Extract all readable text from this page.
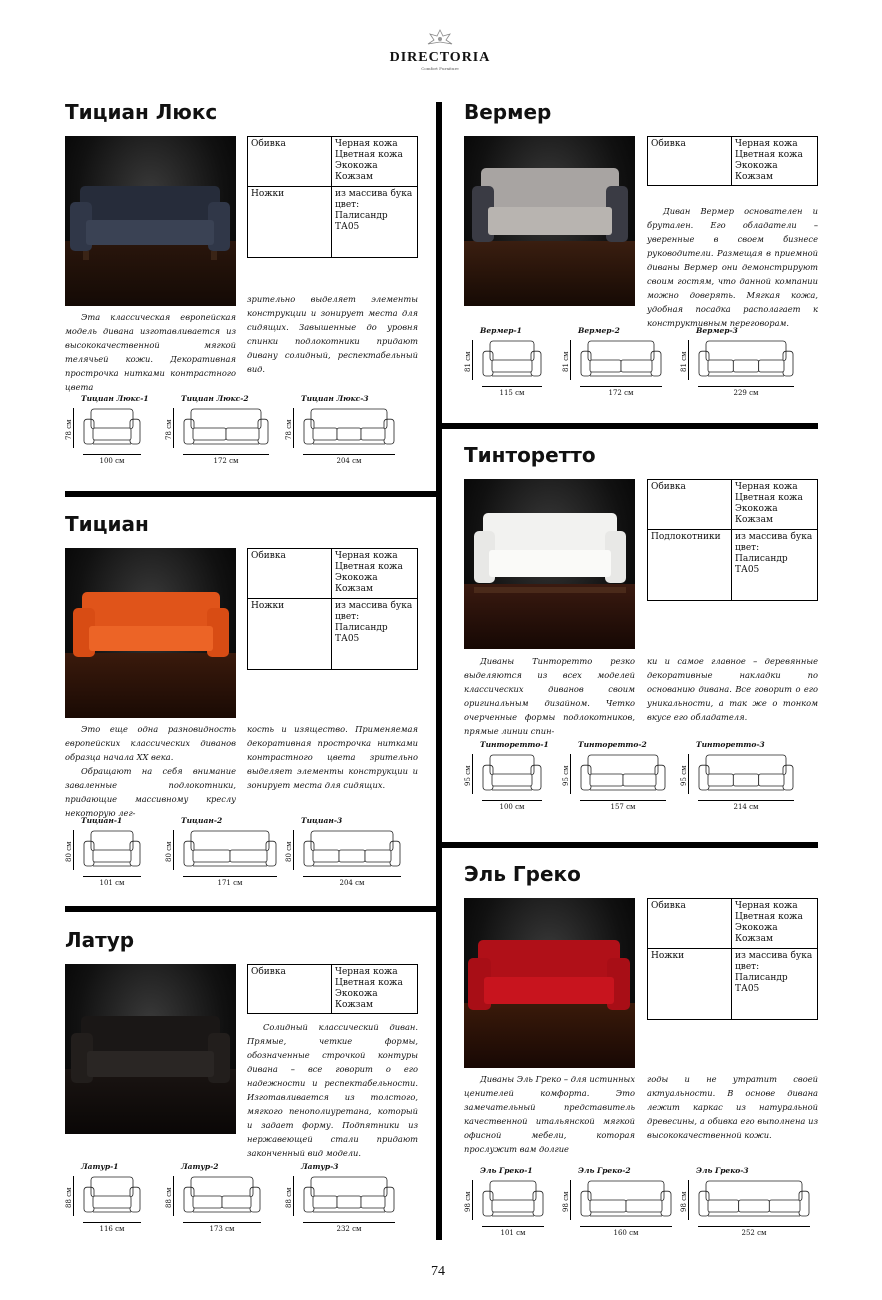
DIRECTORIA
Comfort Furniture
Тициан Люкс
Обивка	Черная кожа
Цветная кожа
Экокожа
Кожзам

Ножки	из массива бука
цвет:
Палисандр ТА05
Эта классическая европейская модель дивана изготавливается из высококачественной мягкой телячьей кожи. Декоративная прострочка нитками контрастного цвета
зрительно выделяет элементы конструкции и зонирует места для сидящих. Завышенные до уровня спинки подлокотники придают дивану солидный, респектабельный вид.
Тициан Люкс-1
78 см
100 см
Тициан Люкс-2
78 см
172 см
Тициан Люкс-3
78 см
204 см
Тициан
Обивка	Черная кожа
Цветная кожа
Экокожа
Кожзам

Ножки	из массива бука
цвет:
Палисандр ТА05
Это еще одна разновидность европейских классических диванов образца начала XX века.
Обращают на себя внимание заваленные подлокотники, придающие массивному креслу некоторую лег-
кость и изящество. Применяемая декоративная прострочка нитками контрастного цвета зрительно выделяет элементы конструкции и зонирует места для сидящих.
Тициан-1
80 см
101 см
Тициан-2
80 см
171 см
Тициан-3
80 см
204 см
Латур
Обивка	Черная кожа
Цветная кожа
Экокожа
Кожзам
Солидный классический диван. Прямые, четкие формы, обозначенные строчкой контуры дивана – все говорит о его надежности и респектабельности. Изготавливается из толстого, мягкого пенополиуретана, который и задает форму. Подпятники из нержавеющей стали придают законченный вид модели.
Латур-1
88 см
116 см
Латур-2
88 см
173 см
Латур-3
88 см
232 см
Вермер
Обивка	Черная кожа
Цветная кожа
Экокожа
Кожзам
Диван Вермер основателен и брутален. Его обладатели – уверенные в своем бизнесе руководители. Размещая в приемной диваны Вермер они демонстрируют своим гостям, что данной компании можно доверять. Мягкая кожа, удобная посадка располагает к конструктивным переговорам.
Вермер-1
81 см
115 см
Вермер-2
81 см
172 см
Вермер-3
81 см
229 см
Тинторетто
Обивка	Черная кожа
Цветная кожа
Экокожа
Кожзам

Подлокотники	из массива бука
цвет:
Палисандр ТА05
Диваны Тинторетто резко выделяются из всех моделей классических диванов своим оригинальным дизайном. Четко очерченные формы подлокотников, прямые линии спин-
ки и самое главное – деревянные декоративные накладки по основанию дивана. Все говорит о его уникальности, а так же о тонком вкусе его обладателя.
Тинторетто-1
95 см
100 см
Тинторетто-2
95 см
157 см
Тинторетто-3
95 см
214 см
Эль Греко
Обивка	Черная кожа
Цветная кожа
Экокожа
Кожзам

Ножки	из массива бука
цвет:
Палисандр ТА05
Диваны Эль Греко – для истинных ценителей комфорта. Это замечательный представитель качественной итальянской мягкой офисной мебели, которая прослужит вам долгие
годы и не утратит своей актуальности. В основе дивана лежит каркас из натуральной древесины, а обивка его выполнена из высококачественной кожи.
Эль Греко-1
98 см
101 см
Эль Греко-2
98 см
160 см
Эль Греко-3
98 см
252 см
74
